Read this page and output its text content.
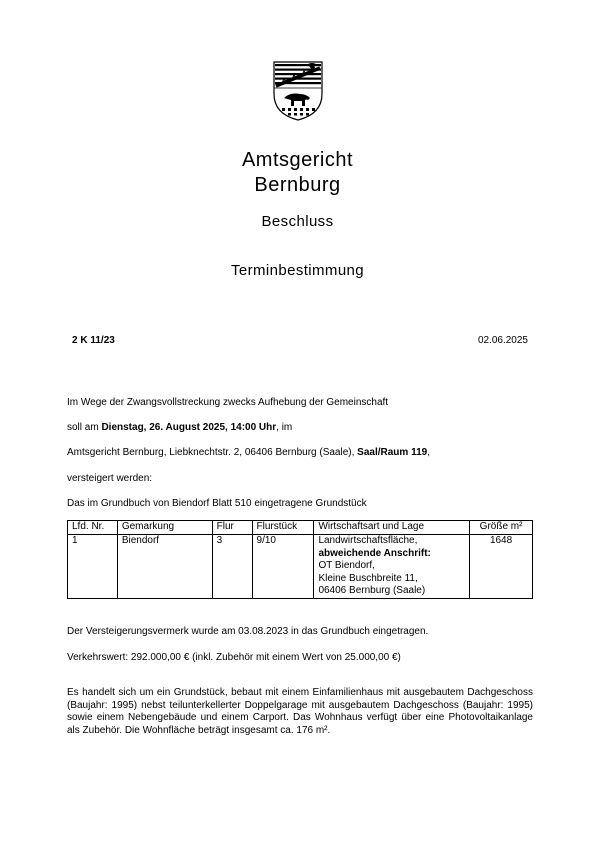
Amtsgericht
Bernburg
Beschluss
Terminbestimmung
2 K 11/23	02.06.2025
Im Wege der Zwangsvollstreckung zwecks Aufhebung der Gemeinschaft
soll am Dienstag, 26. August 2025, 14:00 Uhr, im
Amtsgericht Bernburg, Liebknechtstr. 2, 06406 Bernburg (Saale), Saal/Raum 119,
versteigert werden:
Das im Grundbuch von Biendorf Blatt 510 eingetragene Grundstück
Lfd. Nr.	Gemarkung	Flur	Flurstück	Wirtschaftsart und Lage	Größe m²
1	Biendorf	3	9/10	Landwirtschaftsfläche,
abweichende Anschrift:
OT Biendorf,
Kleine Buschbreite 11,
06406 Bernburg (Saale)	1648
Der Versteigerungsvermerk wurde am 03.08.2023 in das Grundbuch eingetragen.
Verkehrswert: 292.000,00 € (inkl. Zubehör mit einem Wert von 25.000,00 €)
Es handelt sich um ein Grundstück, bebaut mit einem Einfamilienhaus mit ausgebautem Dachgeschoss (Baujahr: 1995) nebst teilunterkellerter Doppelgarage mit ausgebautem Dachgeschoss (Baujahr: 1995) sowie einem Nebengebäude und einem Carport. Das Wohnhaus verfügt über eine Photovoltaikanlage als Zubehör. Die Wohnfläche beträgt insgesamt ca. 176 m².
